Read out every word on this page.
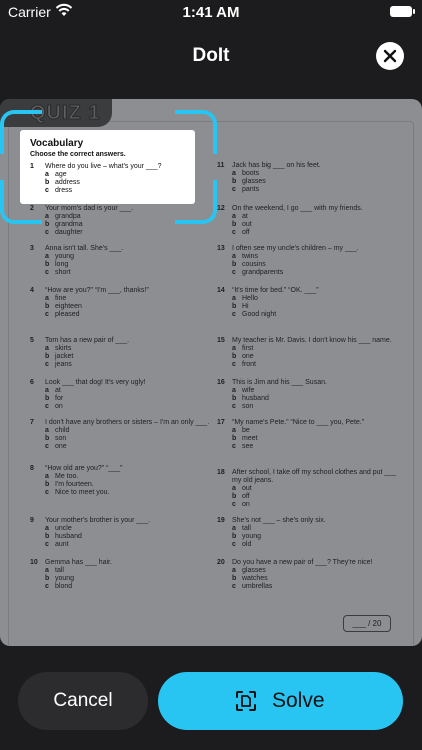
Carrier	1:41 AM
DoIt
QUIZ 1
2	Your mom's dad is your ___.
a grandpa
b grandma
c daughter
3	Anna isn't tall. She's ___.
a young
b long
c short
4	“How are you?” “I'm ___, thanks!”
a fine
b eighteen
c pleased
5	Tom has a new pair of ___.
a skirts
b jacket
c jeans
6	Look ___ that dog! It's very ugly!
a at
b for
c on
7	I don't have any brothers or sisters – I'm an only ___.
a child
b son
c one
8	“How old are you?” “___”
a Me too.
b I'm fourteen.
c Nice to meet you.
9	Your mother's brother is your ___.
a uncle
b husband
c aunt
10	Gemma has ___ hair.
a tall
b young
c blond
11	Jack has big ___ on his feet.
a boots
b glasses
c pants
12	On the weekend, I go ___ with my friends.
a at
b out
c off
13	I often see my uncle's children – my ___.
a twins
b cousins
c grandparents
14	“It's time for bed.” “OK. ___”
a Hello
b Hi
c Good night
15	My teacher is Mr. Davis. I don't know his ___ name.
a first
b one
c front
16	This is Jim and his ___ Susan.
a wife
b husband
c son
17	“My name's Pete.” “Nice to ___ you, Pete.”
a be
b meet
c see
18	After school, I take off my school clothes and put ___ my old jeans.
a out
b off
c on
19	She's not ___ – she's only six.
a tall
b young
c old
20	Do you have a new pair of ___? They're nice!
a glasses
b watches
c umbrellas
___ / 20
Vocabulary
Choose the correct answers.
1	Where do you live – what's your ___?
a age
b address
c dress
Cancel	Solve
